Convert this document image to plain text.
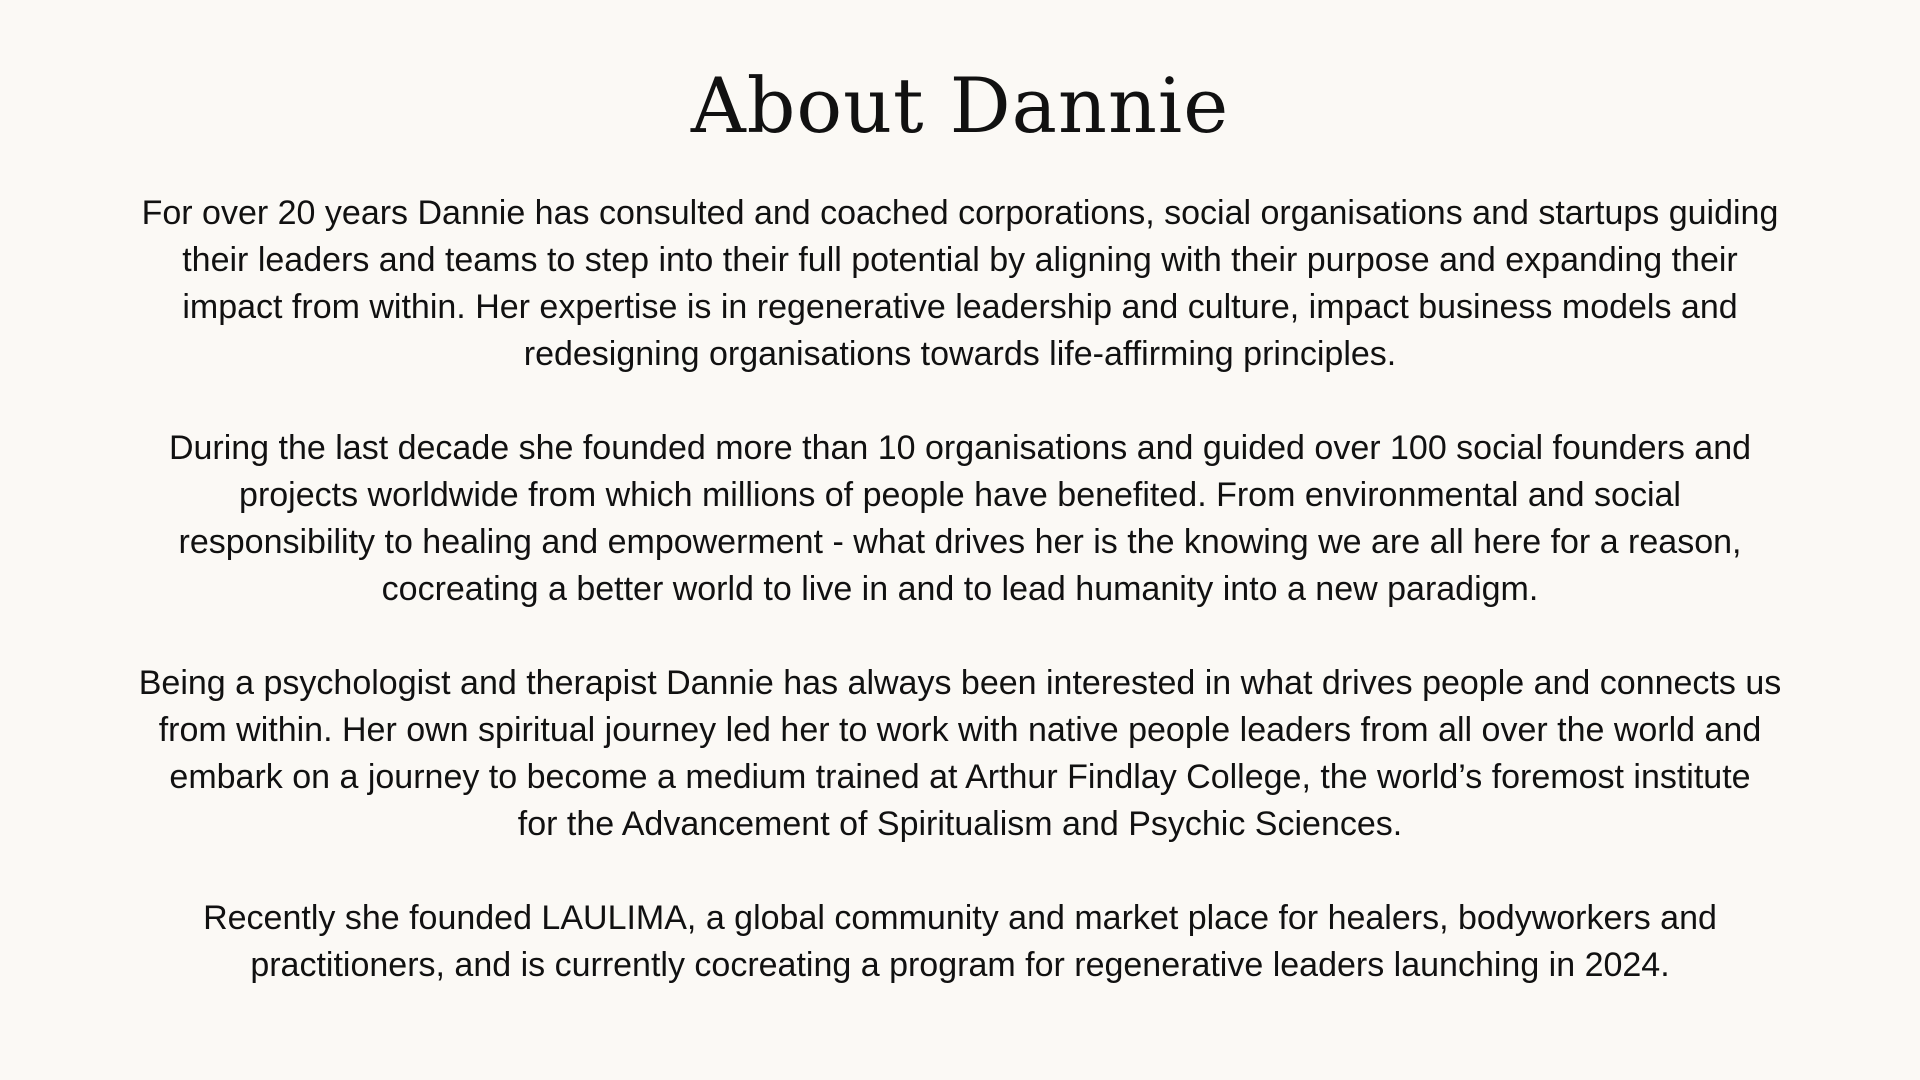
About Dannie

For over 20 years Dannie has consulted and coached corporations, social organisations and startups guiding
their leaders and teams to step into their full potential by aligning with their purpose and expanding their
impact from within. Her expertise is in regenerative leadership and culture, impact business models and
redesigning organisations towards life-affirming principles.

During the last decade she founded more than 10 organisations and guided over 100 social founders and
projects worldwide from which millions of people have benefited. From environmental and social
responsibility to healing and empowerment - what drives her is the knowing we are all here for a reason,
cocreating a better world to live in and to lead humanity into a new paradigm.

Being a psychologist and therapist Dannie has always been interested in what drives people and connects us
from within. Her own spiritual journey led her to work with native people leaders from all over the world and
embark on a journey to become a medium trained at Arthur Findlay College, the world’s foremost institute
for the Advancement of Spiritualism and Psychic Sciences.

Recently she founded LAULIMA, a global community and market place for healers, bodyworkers and
practitioners, and is currently cocreating a program for regenerative leaders launching in 2024.
